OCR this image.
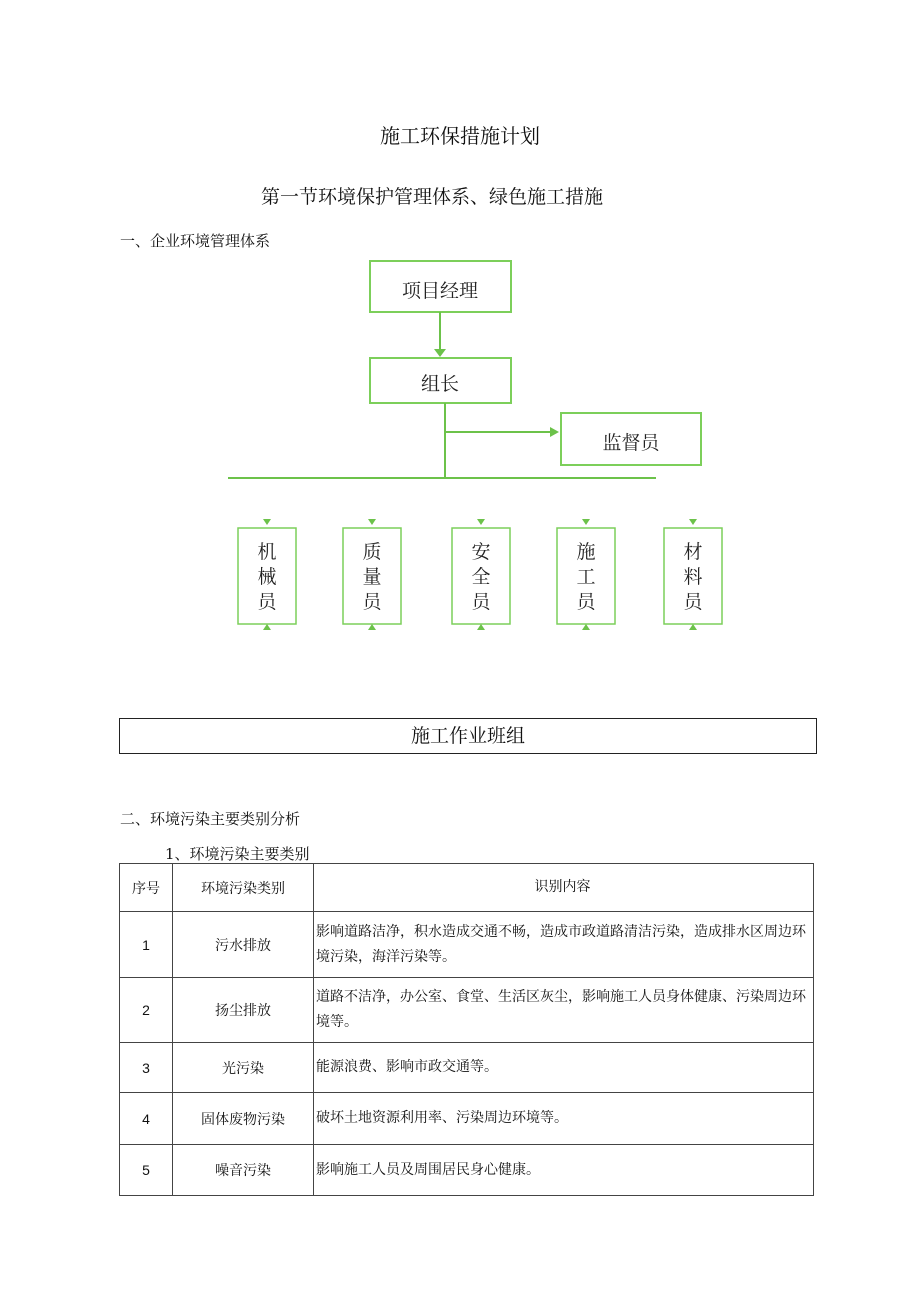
施工环保措施计划
第一节环境保护管理体系、绿色施工措施
一、企业环境管理体系
项目经理
组长
监督员
机
械
员
质
量
员
安
全
员
施
工
员
材
料
员
施工作业班组
二、环境污染主要类别分析
1、环境污染主要类别
序号	环境污染类别	识别内容
1	污水排放	影响道路洁净，积水造成交通不畅，造成市政道路清洁污染，造成排水区周边环境污染，海洋污染等。
2	扬尘排放	道路不洁净，办公室、食堂、生活区灰尘，影响施工人员身体健康、污染周边环境等。
3	光污染	能源浪费、影响市政交通等。
4	固体废物污染	破坏土地资源利用率、污染周边环境等。
5	噪音污染	影响施工人员及周围居民身心健康。
